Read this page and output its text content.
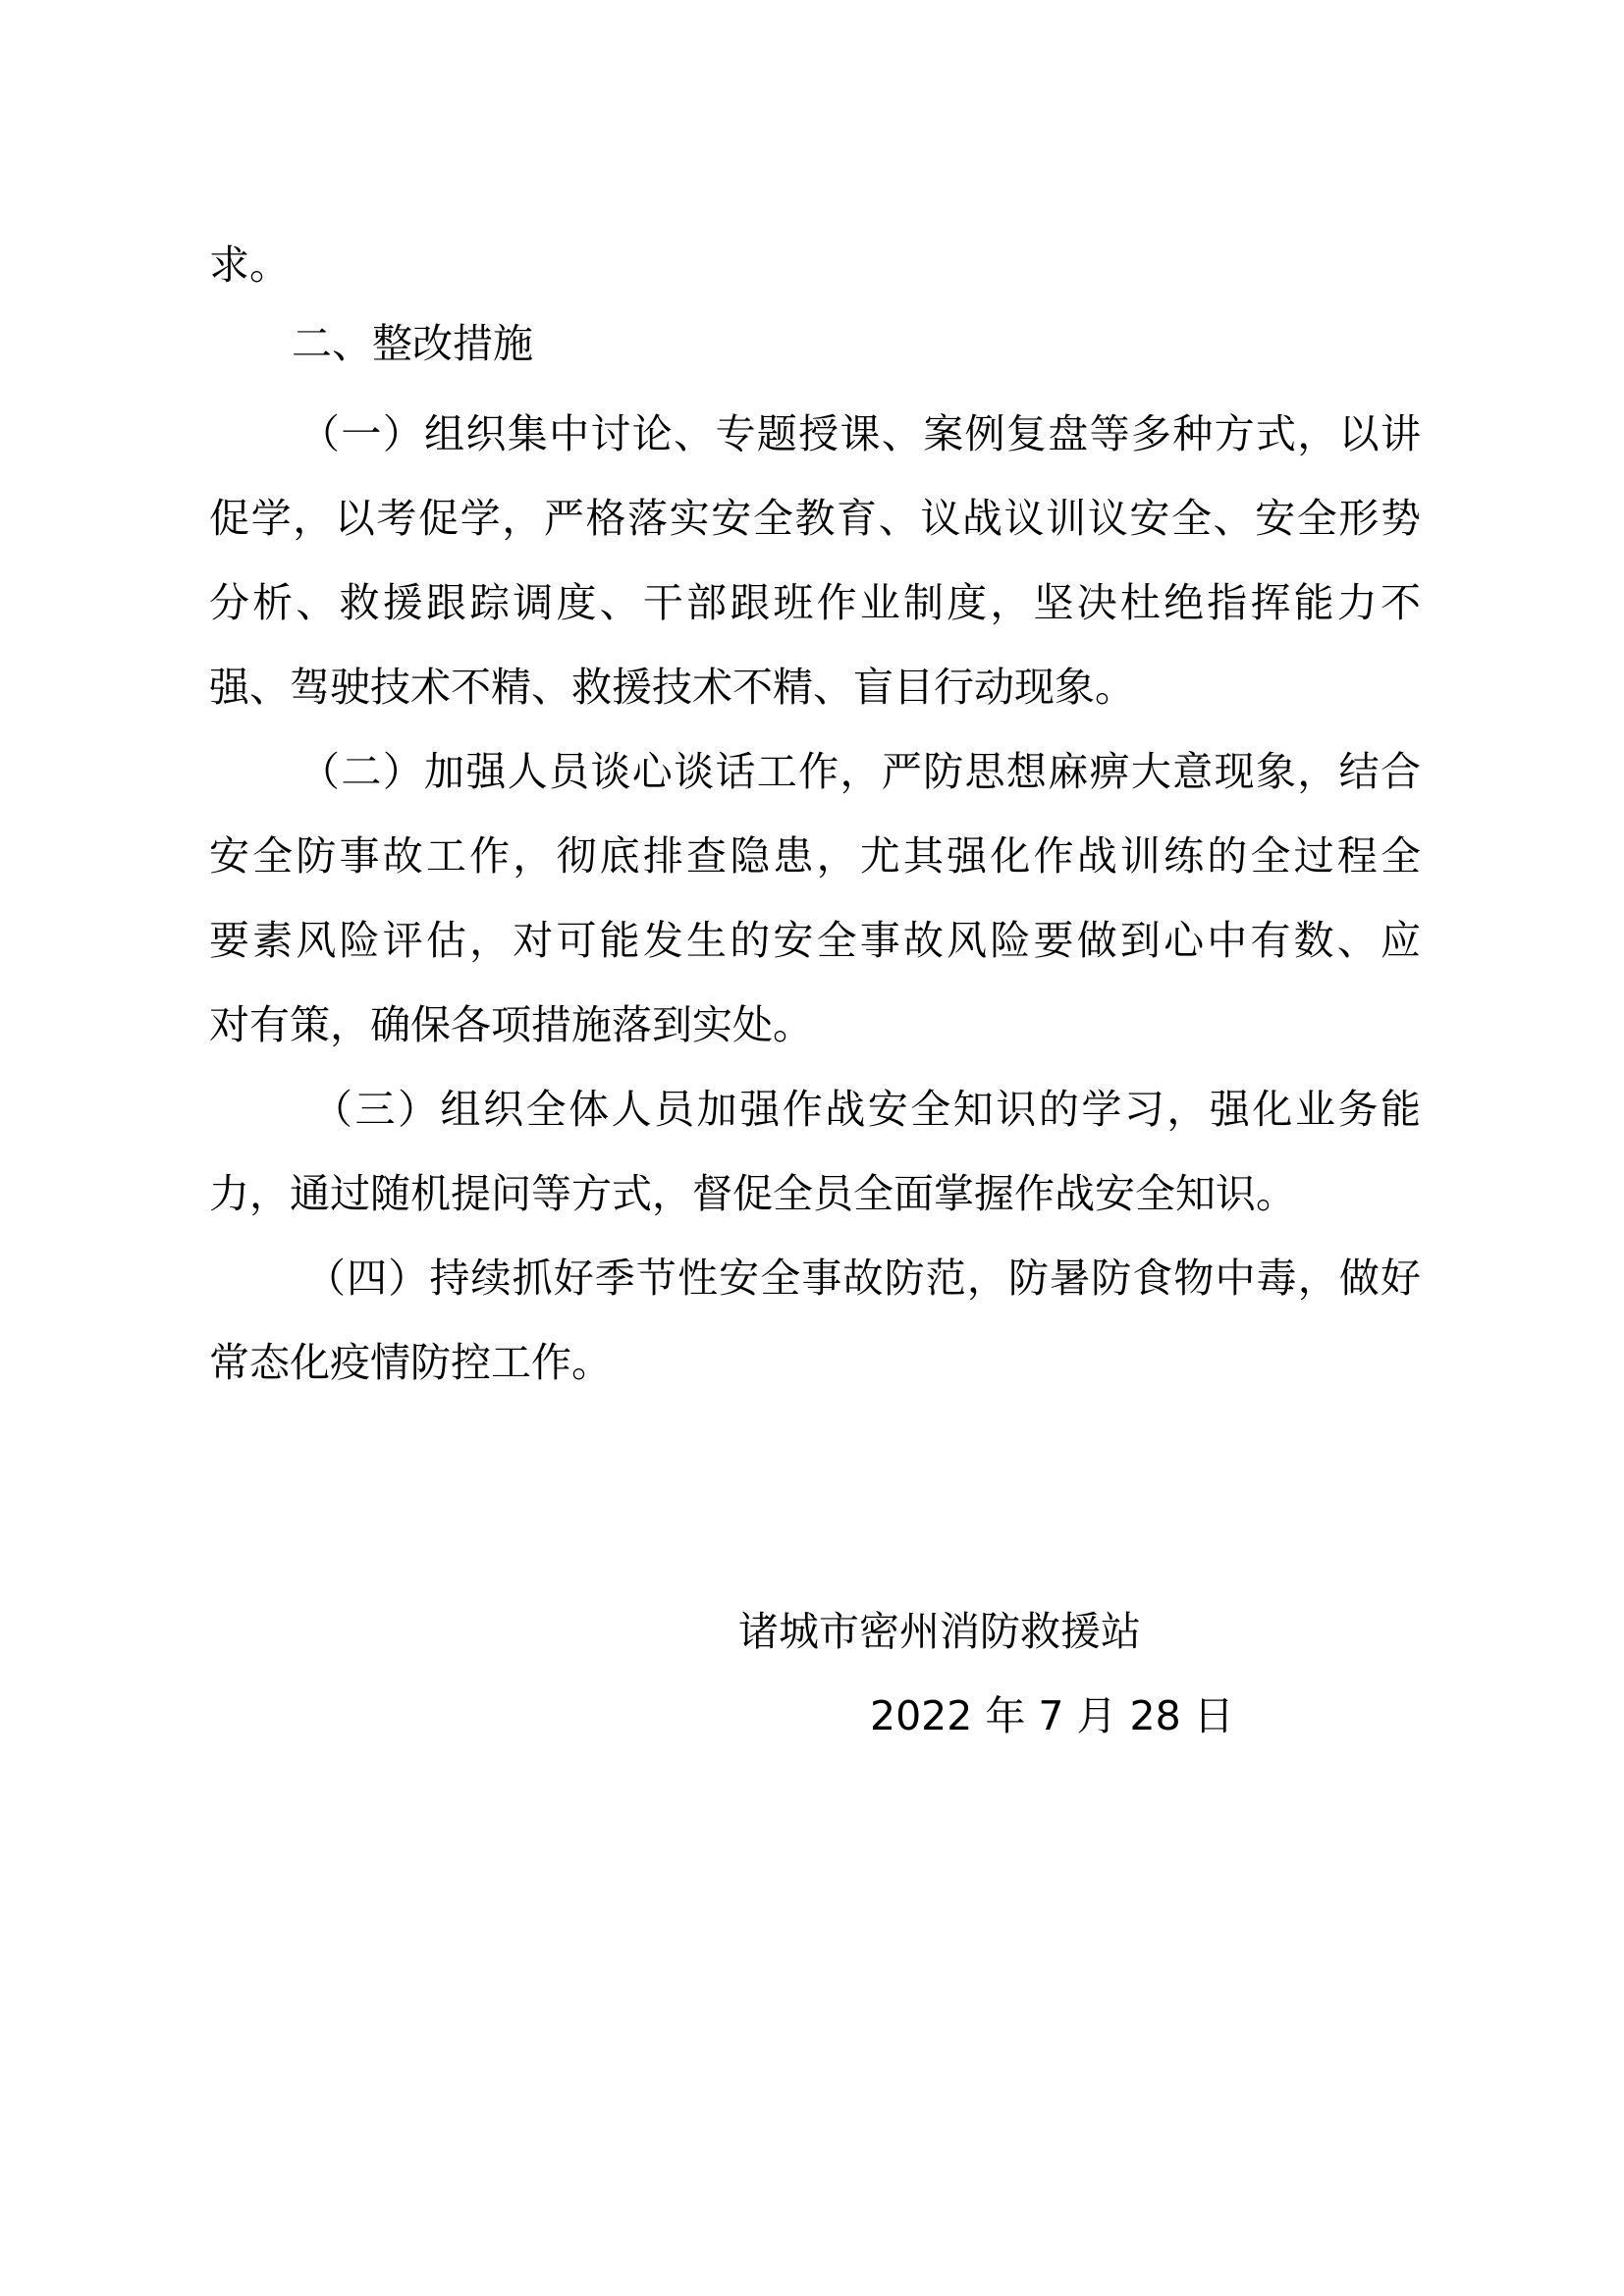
求。
二、整改措施
（一）组织集中讨论、专题授课、案例复盘等多种方式，以讲
促学，以考促学，严格落实安全教育、议战议训议安全、安全形势
分析、救援跟踪调度、干部跟班作业制度，坚决杜绝指挥能力不
强、驾驶技术不精、救援技术不精、盲目行动现象。
（二）加强人员谈心谈话工作，严防思想麻痹大意现象，结合
安全防事故工作，彻底排查隐患，尤其强化作战训练的全过程全
要素风险评估，对可能发生的安全事故风险要做到心中有数、应
对有策，确保各项措施落到实处。
（三）组织全体人员加强作战安全知识的学习，强化业务能
力，通过随机提问等方式，督促全员全面掌握作战安全知识。
（四）持续抓好季节性安全事故防范，防暑防食物中毒，做好
常态化疫情防控工作。
诸城市密州消防救援站
2022 年 7 月 28 日
